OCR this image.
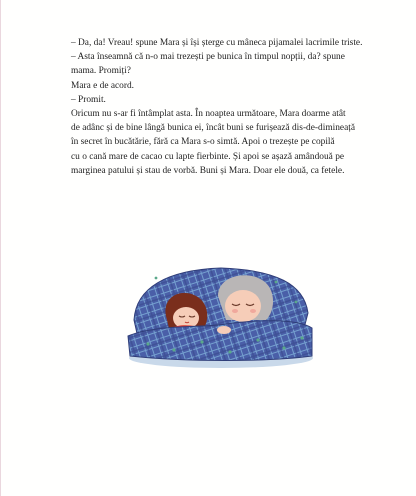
– Da, da! Vreau! spune Mara și își șterge cu mâneca pijamalei lacrimile triste.

– Asta înseamnă că n-o mai trezești pe bunica în timpul nopții, da? spune

mama. Promiți?

Mara e de acord.

– Promit.

Oricum nu s-ar fi întâmplat asta. În noaptea următoare, Mara doarme atât

de adânc și de bine lângă bunica ei, încât buni se furișează dis-de-dimineață

în secret în bucătărie, fără ca Mara s-o simtă. Apoi o trezește pe copilă

cu o cană mare de cacao cu lapte fierbinte. Și apoi se așază amândouă pe

marginea patului și stau de vorbă. Buni și Mara. Doar ele două, ca fetele.
